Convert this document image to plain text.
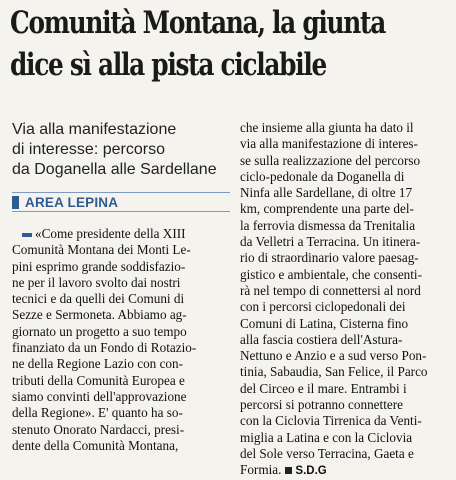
Comunità Montana, la giunta
dice sì alla pista ciclabile
Via alla manifestazione
di interesse: percorso
da Doganella alle Sardellane
AREA LEPINA
«Come presidente della XIII
Comunità Montana dei Monti Le-
pini esprimo grande soddisfazio-
ne per il lavoro svolto dai nostri
tecnici e da quelli dei Comuni di
Sezze e Sermoneta. Abbiamo ag-
giornato un progetto a suo tempo
finanziato da un Fondo di Rotazio-
ne della Regione Lazio con con-
tributi della Comunità Europea e
siamo convinti dell'approvazione
della Regione». E' quanto ha so-
stenuto Onorato Nardacci, presi-
dente della Comunità Montana,
che insieme alla giunta ha dato il
via alla manifestazione di interes-
se sulla realizzazione del percorso
ciclo-pedonale da Doganella di
Ninfa alle Sardellane, di oltre 17
km, comprendente una parte del-
la ferrovia dismessa da Trenitalia
da Velletri a Terracina. Un itinera-
rio di straordinario valore paesag-
gistico e ambientale, che consenti-
rà nel tempo di connettersi al nord
con i percorsi ciclopedonali dei
Comuni di Latina, Cisterna fino
alla fascia costiera dell'Astura-
Nettuno e Anzio e a sud verso Pon-
tinia, Sabaudia, San Felice, il Parco
del Circeo e il mare. Entrambi i
percorsi si potranno connettere
con la Ciclovia Tirrenica da Venti-
miglia a Latina e con la Ciclovia
del Sole verso Terracina, Gaeta e
Formia. S.D.G
